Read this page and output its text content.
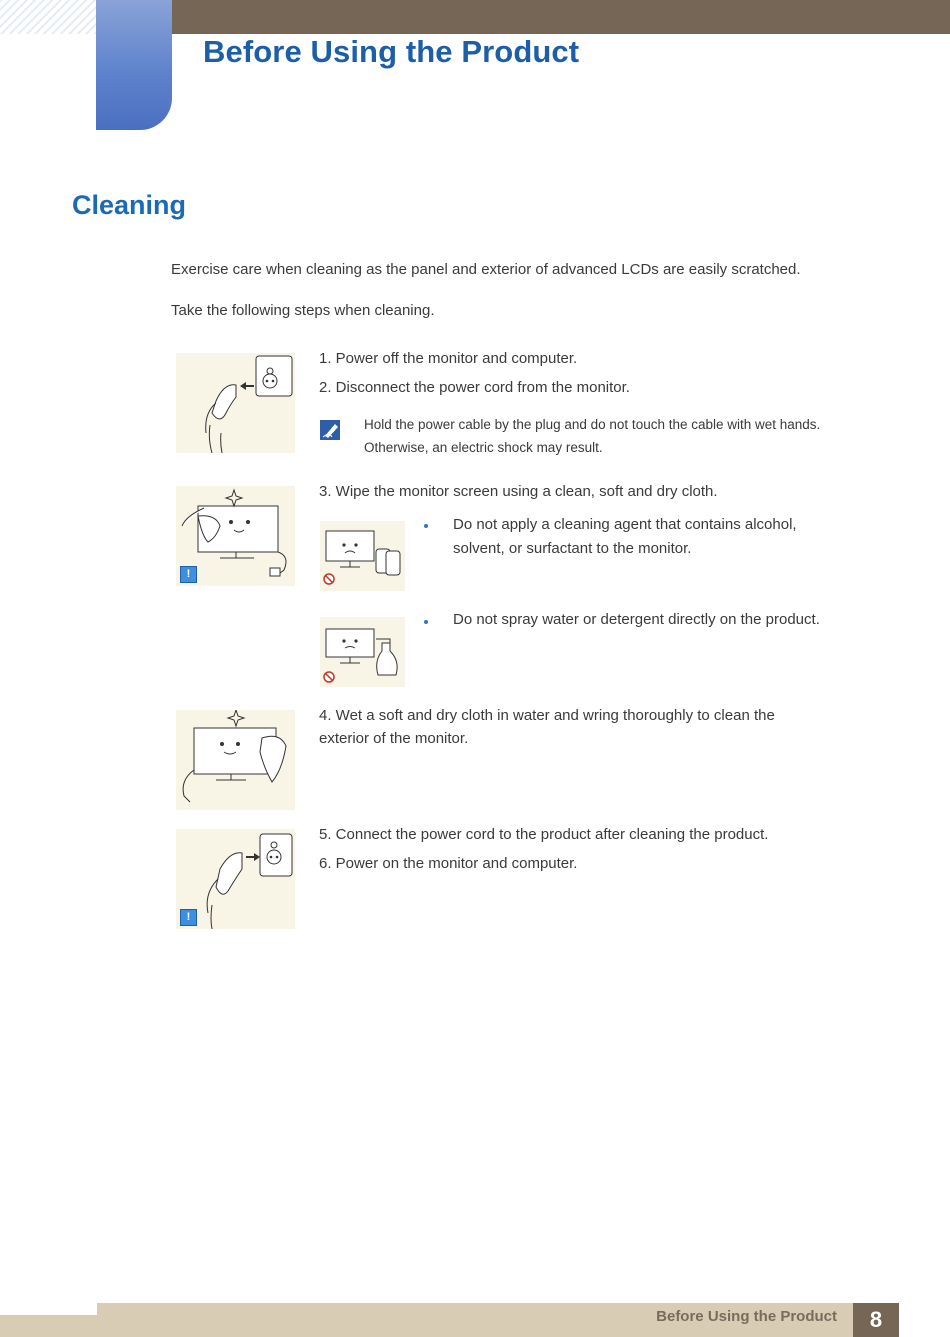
Before Using the Product
Cleaning

Exercise care when cleaning as the panel and exterior of advanced LCDs are easily scratched.

Take the following steps when cleaning.

1. Power off the monitor and computer.

2. Disconnect the power cord from the monitor.

Hold the power cable by the plug and do not touch the cable with wet hands. Otherwise, an electric shock may result.

!

3. Wipe the monitor screen using a clean, soft and dry cloth.

Do not apply a cleaning agent that contains alcohol, solvent, or surfactant to the monitor.

Do not spray water or detergent directly on the product.

4. Wet a soft and dry cloth in water and wring thoroughly to clean the exterior of the monitor.

!

5. Connect the power cord to the product after cleaning the product.

6. Power on the monitor and computer.

Before Using the Product	8
